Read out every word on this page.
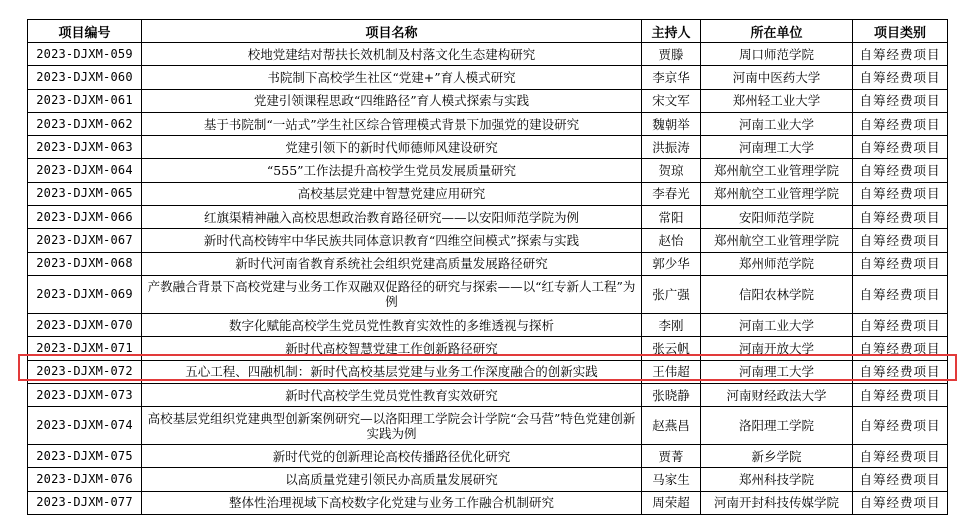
项目编号	项目名称	主持人	所在单位	项目类别
2023-DJXM-059	校地党建结对帮扶长效机制及村落文化生态建构研究	贾滕	周口师范学院	自筹经费项目
2023-DJXM-060	书院制下高校学生社区“党建+”育人模式研究	李京华	河南中医药大学	自筹经费项目
2023-DJXM-061	党建引领课程思政“四维路径”育人模式探索与实践	宋文军	郑州轻工业大学	自筹经费项目
2023-DJXM-062	基于书院制“一站式”学生社区综合管理模式背景下加强党的建设研究	魏朝举	河南工业大学	自筹经费项目
2023-DJXM-063	党建引领下的新时代师德师风建设研究	洪振涛	河南理工大学	自筹经费项目
2023-DJXM-064	“555”工作法提升高校学生党员发展质量研究	贺琼	郑州航空工业管理学院	自筹经费项目
2023-DJXM-065	高校基层党建中智慧党建应用研究	李春光	郑州航空工业管理学院	自筹经费项目
2023-DJXM-066	红旗渠精神融入高校思想政治教育路径研究——以安阳师范学院为例	常阳	安阳师范学院	自筹经费项目
2023-DJXM-067	新时代高校铸牢中华民族共同体意识教育“四维空间模式”探索与实践	赵怡	郑州航空工业管理学院	自筹经费项目
2023-DJXM-068	新时代河南省教育系统社会组织党建高质量发展路径研究	郭少华	郑州师范学院	自筹经费项目
2023-DJXM-069	产教融合背景下高校党建与业务工作双融双促路径的研究与探索——以“红专新人工程”为例	张广强	信阳农林学院	自筹经费项目
2023-DJXM-070	数字化赋能高校学生党员党性教育实效性的多维透视与探析	李刚	河南工业大学	自筹经费项目
2023-DJXM-071	新时代高校智慧党建工作创新路径研究	张云帆	河南开放大学	自筹经费项目
2023-DJXM-072	五心工程、四融机制：新时代高校基层党建与业务工作深度融合的创新实践	王伟超	河南理工大学	自筹经费项目
2023-DJXM-073	新时代高校学生党员党性教育实效研究	张晓静	河南财经政法大学	自筹经费项目
2023-DJXM-074	高校基层党组织党建典型创新案例研究—以洛阳理工学院会计学院“会马营”特色党建创新实践为例	赵燕昌	洛阳理工学院	自筹经费项目
2023-DJXM-075	新时代党的创新理论高校传播路径优化研究	贾菁	新乡学院	自筹经费项目
2023-DJXM-076	以高质量党建引领民办高质量发展研究	马家生	郑州科技学院	自筹经费项目
2023-DJXM-077	整体性治理视域下高校数字化党建与业务工作融合机制研究	周荣超	河南开封科技传媒学院	自筹经费项目
